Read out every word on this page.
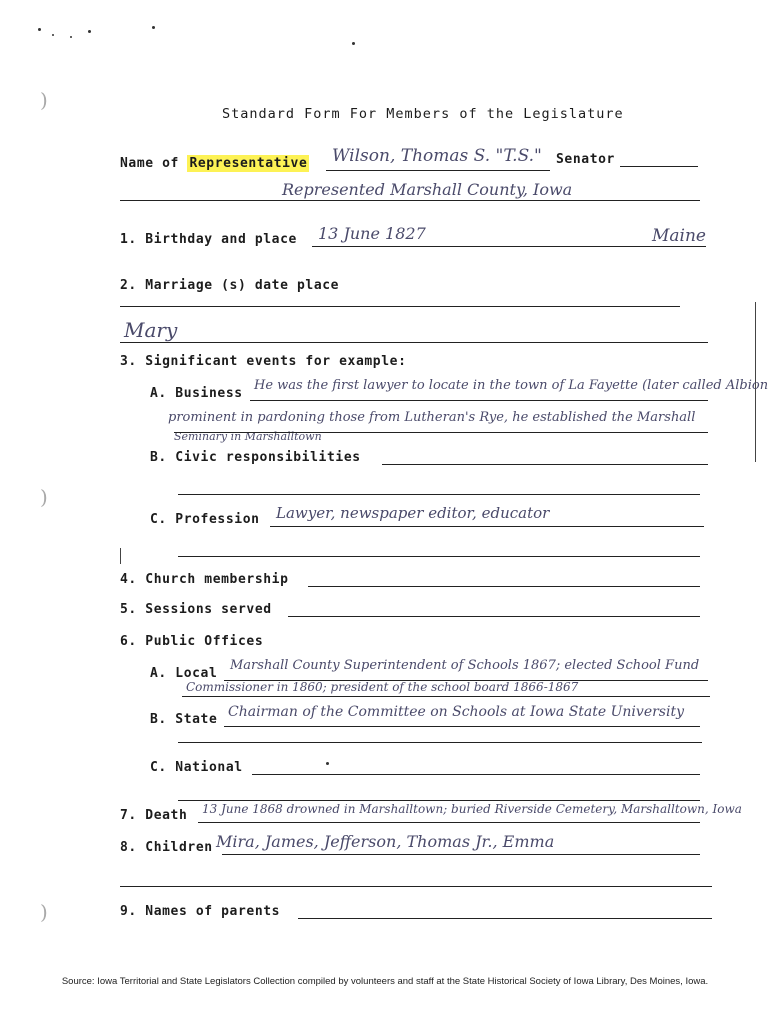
)
)
)
Standard Form For Members of the Legislature
Name of Representative Wilson, Thomas S. "T.S." Senator
Represented Marshall County, Iowa
1. Birthday and place 13 June 1827	Maine
2. Marriage (s) date place
Mary
3. Significant events for example:
A. Business
He was the first lawyer to locate in the town of La Fayette (later called Albion
prominent in pardoning those from Lutheran's Rye, he established the Marshall
Seminary in Marshalltown
B. Civic responsibilities
C. Profession Lawyer, newspaper editor, educator
4. Church membership
5. Sessions served
6. Public Offices
A. Local
Marshall County Superintendent of Schools 1867; elected School Fund
Commissioner in 1860; president of the school board 1866-1867
B. State Chairman of the Committee on Schools at Iowa State University
C. National
7. Death 13 June 1868 drowned in Marshalltown; buried Riverside Cemetery, Marshalltown, Iowa
8. Children Mira, James, Jefferson, Thomas Jr., Emma
9. Names of parents
Source: Iowa Territorial and State Legislators Collection compiled by volunteers and staff at the State Historical Society of Iowa Library, Des Moines, Iowa.
